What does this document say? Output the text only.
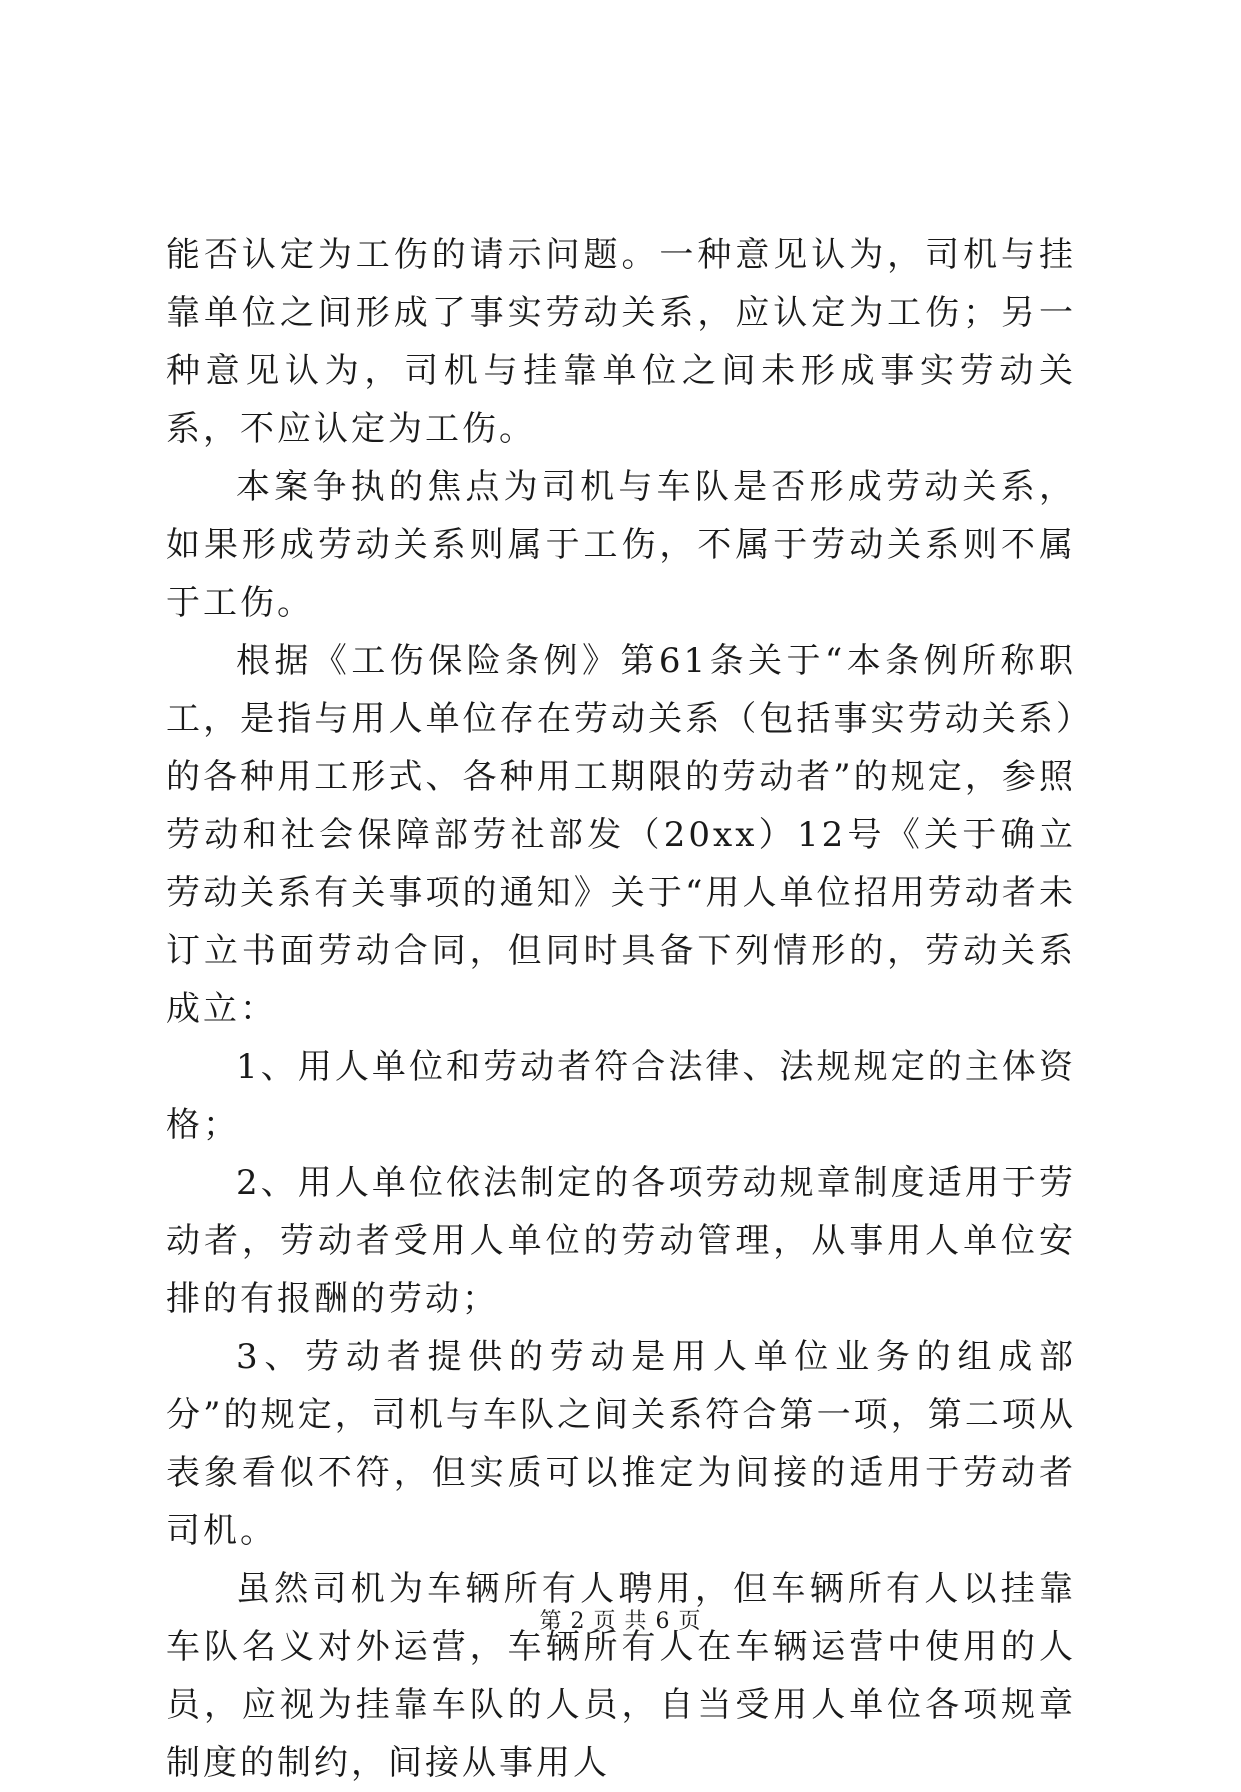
能否认定为工伤的请示问题。一种意见认为，司机与挂靠单位之间形成了事实劳动关系，应认定为工伤；另一种意见认为，司机与挂靠单位之间未形成事实劳动关系，不应认定为工伤。

本案争执的焦点为司机与车队是否形成劳动关系，如果形成劳动关系则属于工伤，不属于劳动关系则不属于工伤。

根据《工伤保险条例》第61条关于“本条例所称职工，是指与用人单位存在劳动关系（包括事实劳动关系）的各种用工形式、各种用工期限的劳动者”的规定，参照劳动和社会保障部劳社部发（20xx）12号《关于确立劳动关系有关事项的通知》关于“用人单位招用劳动者未订立书面劳动合同，但同时具备下列情形的，劳动关系成立：

1、用人单位和劳动者符合法律、法规规定的主体资格；

2、用人单位依法制定的各项劳动规章制度适用于劳动者，劳动者受用人单位的劳动管理，从事用人单位安排的有报酬的劳动；

3、劳动者提供的劳动是用人单位业务的组成部分”的规定，司机与车队之间关系符合第一项，第二项从表象看似不符，但实质可以推定为间接的适用于劳动者司机。

虽然司机为车辆所有人聘用，但车辆所有人以挂靠车队名义对外运营，车辆所有人在车辆运营中使用的人员，应视为挂靠车队的人员，自当受用人单位各项规章制度的制约，间接从事用人

第 2 页 共 6 页
